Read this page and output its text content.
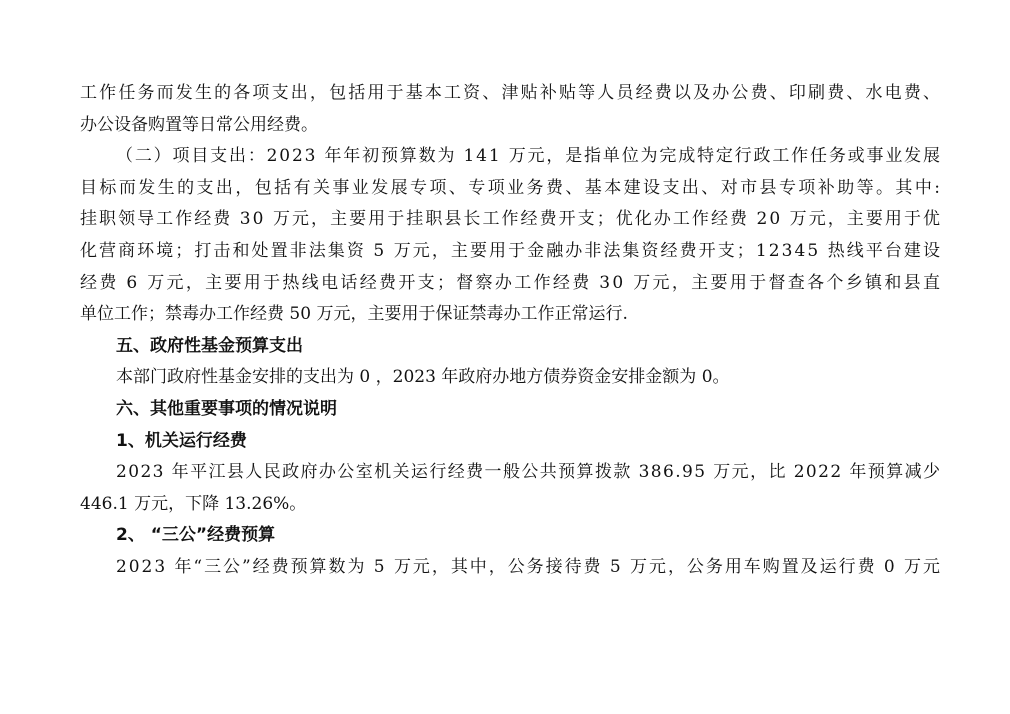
工作任务而发生的各项支出，包括用于基本工资、津贴补贴等人员经费以及办公费、印刷费、水电费、
办公设备购置等日常公用经费。
（二）项目支出：2023 年年初预算数为 141 万元，是指单位为完成特定行政工作任务或事业发展
目标而发生的支出，包括有关事业发展专项、专项业务费、基本建设支出、对市县专项补助等。其中:
挂职领导工作经费 30 万元，主要用于挂职县长工作经费开支；优化办工作经费 20 万元，主要用于优
化营商环境；打击和处置非法集资 5 万元，主要用于金融办非法集资经费开支；12345 热线平台建设
经费 6 万元，主要用于热线电话经费开支；督察办工作经费 30 万元，主要用于督查各个乡镇和县直
单位工作；禁毒办工作经费 50 万元，主要用于保证禁毒办工作正常运行.
五、政府性基金预算支出
本部门政府性基金安排的支出为 0 ，2023 年政府办地方债券资金安排金额为 0。
六、其他重要事项的情况说明
1、机关运行经费
2023 年平江县人民政府办公室机关运行经费一般公共预算拨款 386.95 万元，比 2022 年预算减少
446.1 万元，下降 13.26%。
2、 “三公”经费预算
2023 年“三公”经费预算数为 5 万元，其中，公务接待费 5 万元，公务用车购置及运行费 0 万元
